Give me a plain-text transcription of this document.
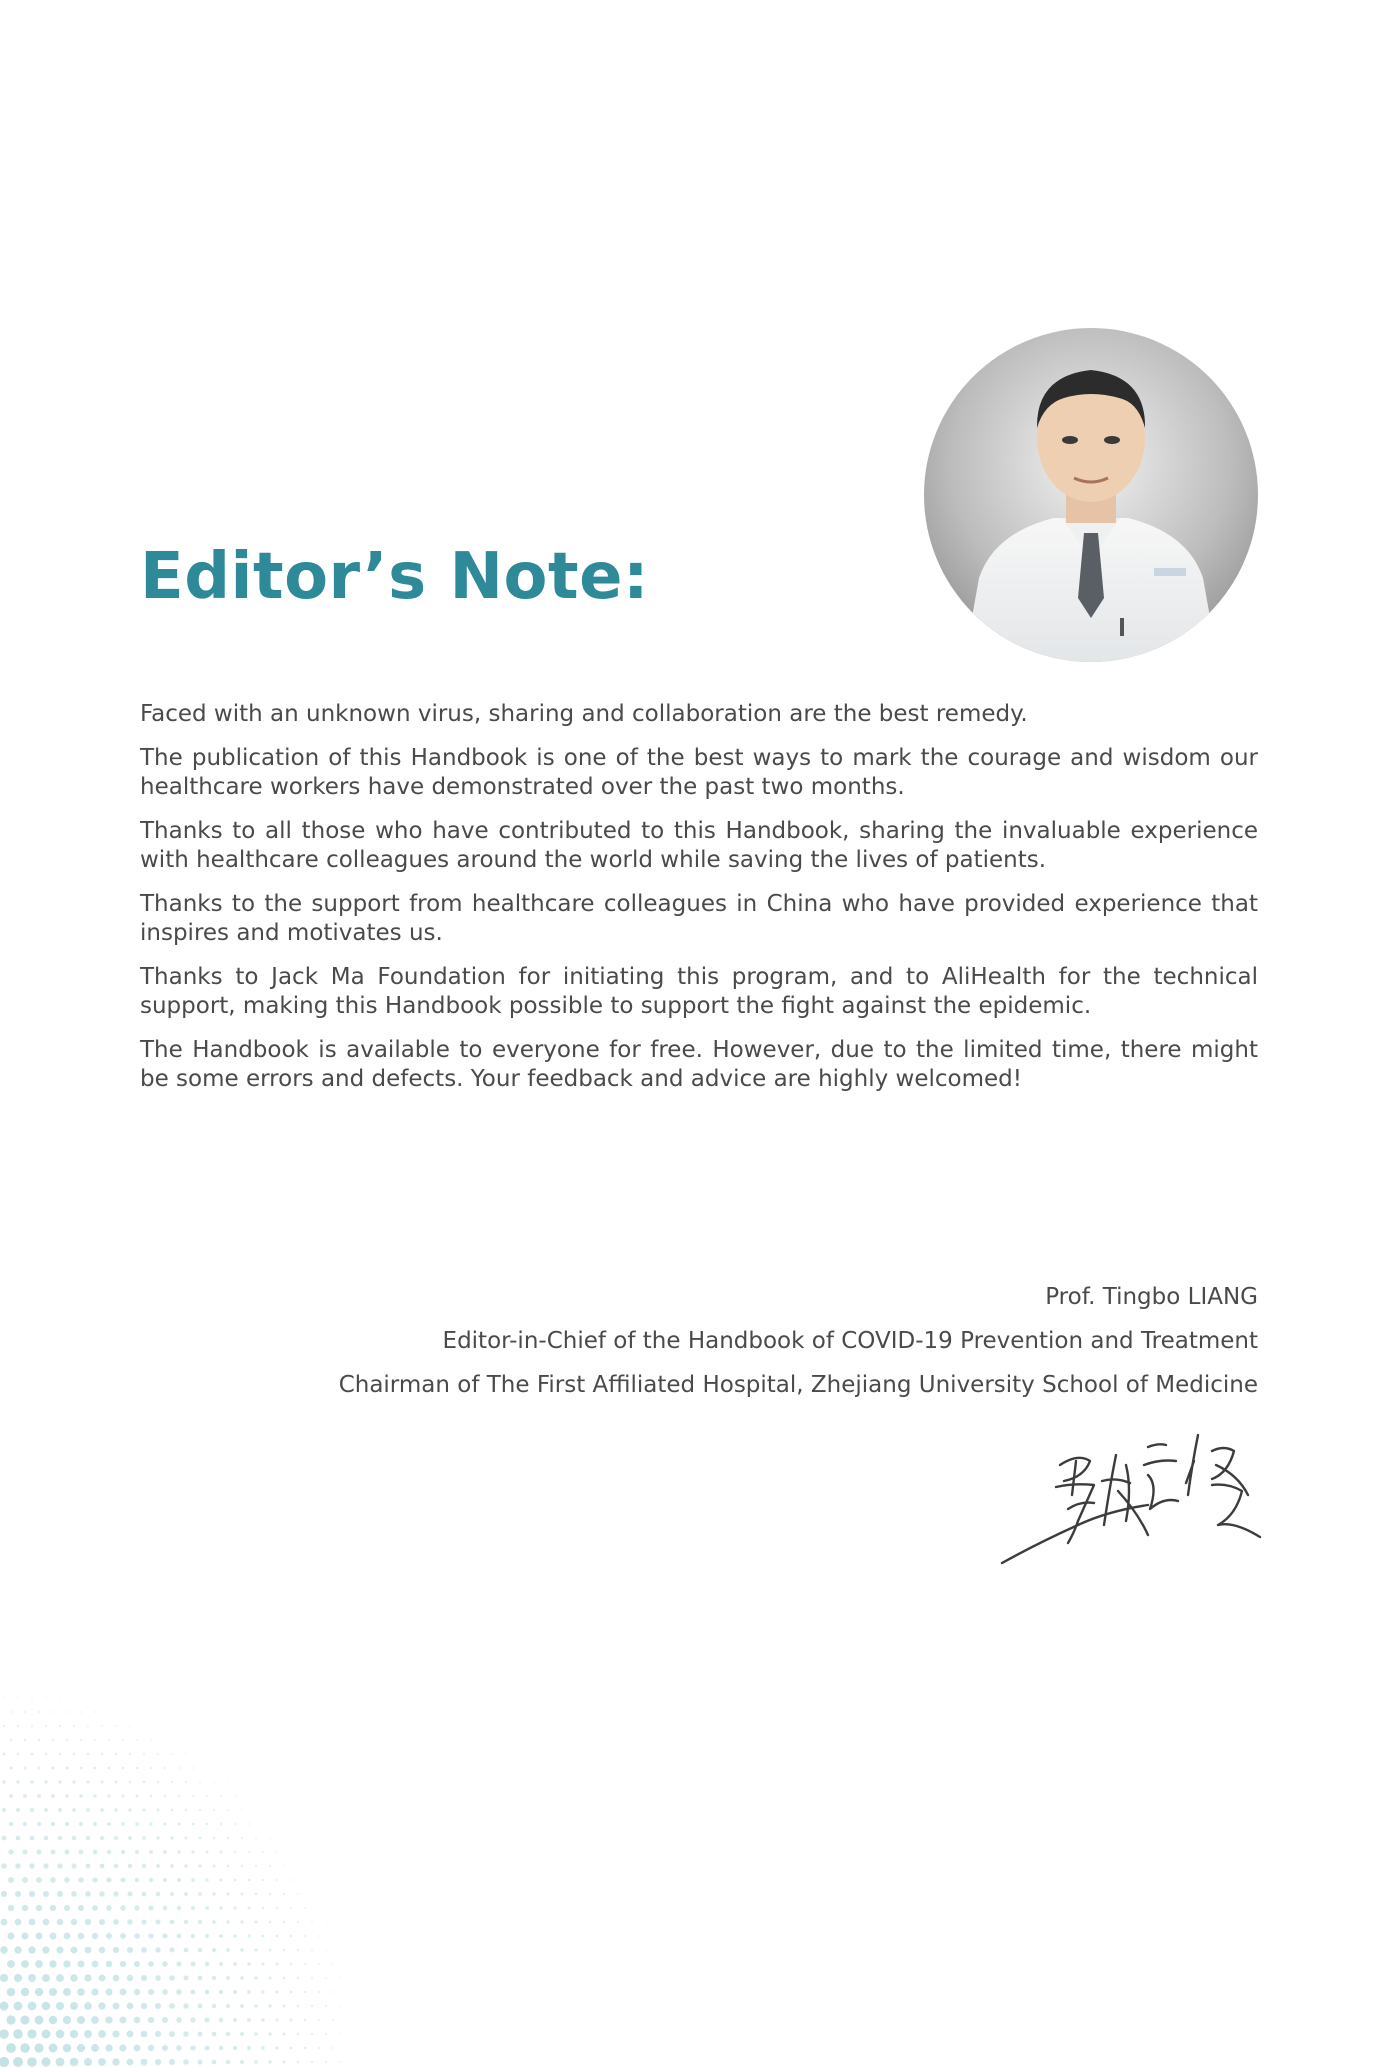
Editor’s Note:

Faced with an unknown virus, sharing and collaboration are the best remedy.

The publication of this Handbook is one of the best ways to mark the courage and wisdom our healthcare workers have demonstrated over the past two months.

Thanks to all those who have contributed to this Handbook, sharing the invaluable experience with healthcare colleagues around the world while saving the lives of patients.

Thanks to the support from healthcare colleagues in China who have provided experience that inspires and motivates us.

Thanks to Jack Ma Foundation for initiating this program, and to AliHealth for the technical support, making this Handbook possible to support the fight against the epidemic.

The Handbook is available to everyone for free. However, due to the limited time, there might be some errors and defects. Your feedback and advice are highly welcomed!

Prof. Tingbo LIANG
Editor-in-Chief of the Handbook of COVID-19 Prevention and Treatment
Chairman of The First Affiliated Hospital, Zhejiang University School of Medicine
